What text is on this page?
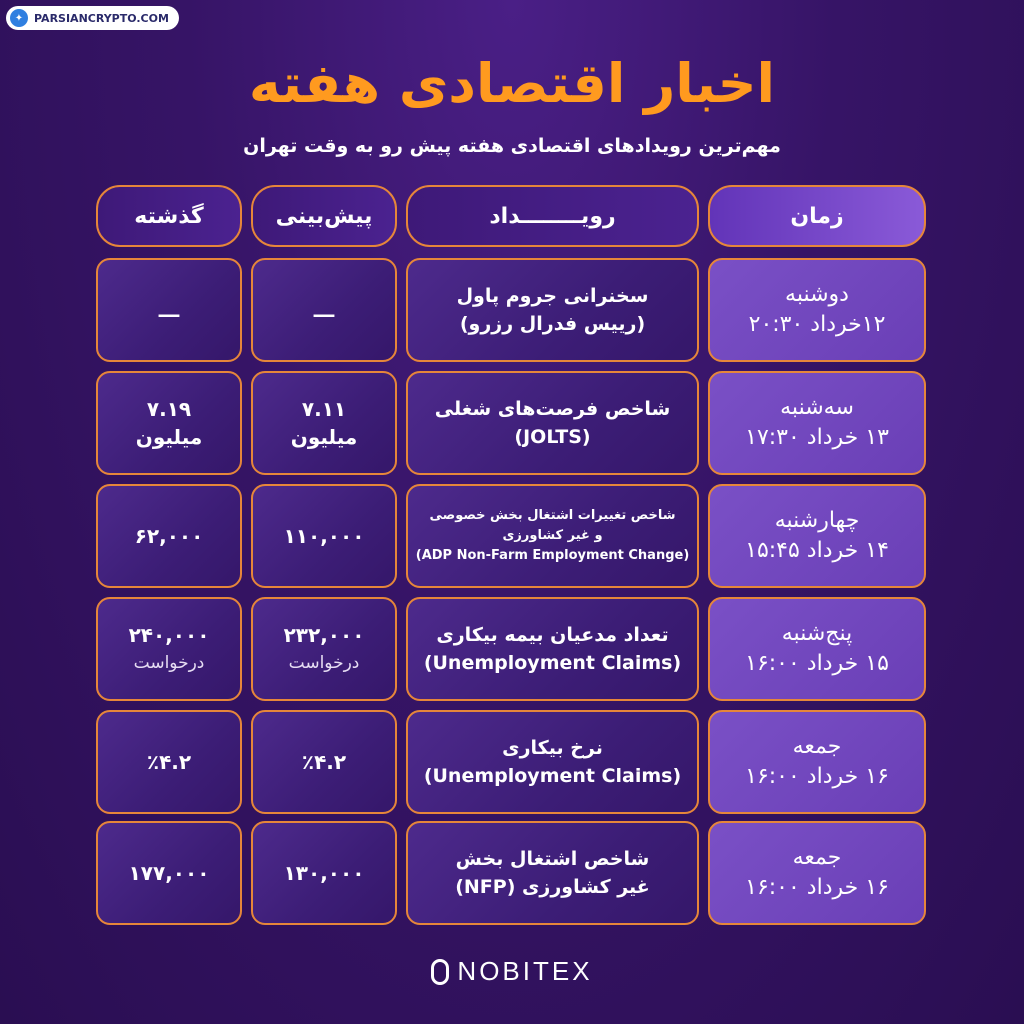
✦ PARSIANCRYPTO.COM
اخبار اقتصادی هفته
مهم‌ترین رویدادهای اقتصادی هفته پیش رو به وقت تهران
زمان
رویــــــــداد
پیش‌بینی
گذشته
دوشنبه
۱۲خرداد ۲۰:۳۰
سخنرانی جروم پاول
(رییس فدرال رزرو)
ـــ
ـــ
سه‌شنبه
۱۳ خرداد ۱۷:۳۰
شاخص فرصت‌های شغلی
(JOLTS)
۷.۱۱
میلیون
۷.۱۹
میلیون
چهارشنبه
۱۴ خرداد ۱۵:۴۵
شاخص تغییرات اشتغال بخش خصوصی
و غیر کشاورزی
(ADP Non-Farm Employment Change)
۱۱۰,۰۰۰
۶۲,۰۰۰
پنج‌شنبه
۱۵ خرداد ۱۶:۰۰
تعداد مدعیان بیمه بیکاری
(Unemployment Claims)
۲۳۲,۰۰۰
درخواست
۲۴۰,۰۰۰
درخواست
جمعه
۱۶ خرداد ۱۶:۰۰
نرخ بیکاری
(Unemployment Claims)
٪۴.۲
٪۴.۲
جمعه
۱۶ خرداد ۱۶:۰۰
شاخص اشتغال بخش
غیر کشاورزی (NFP)
۱۳۰,۰۰۰
۱۷۷,۰۰۰
NOBITEX
